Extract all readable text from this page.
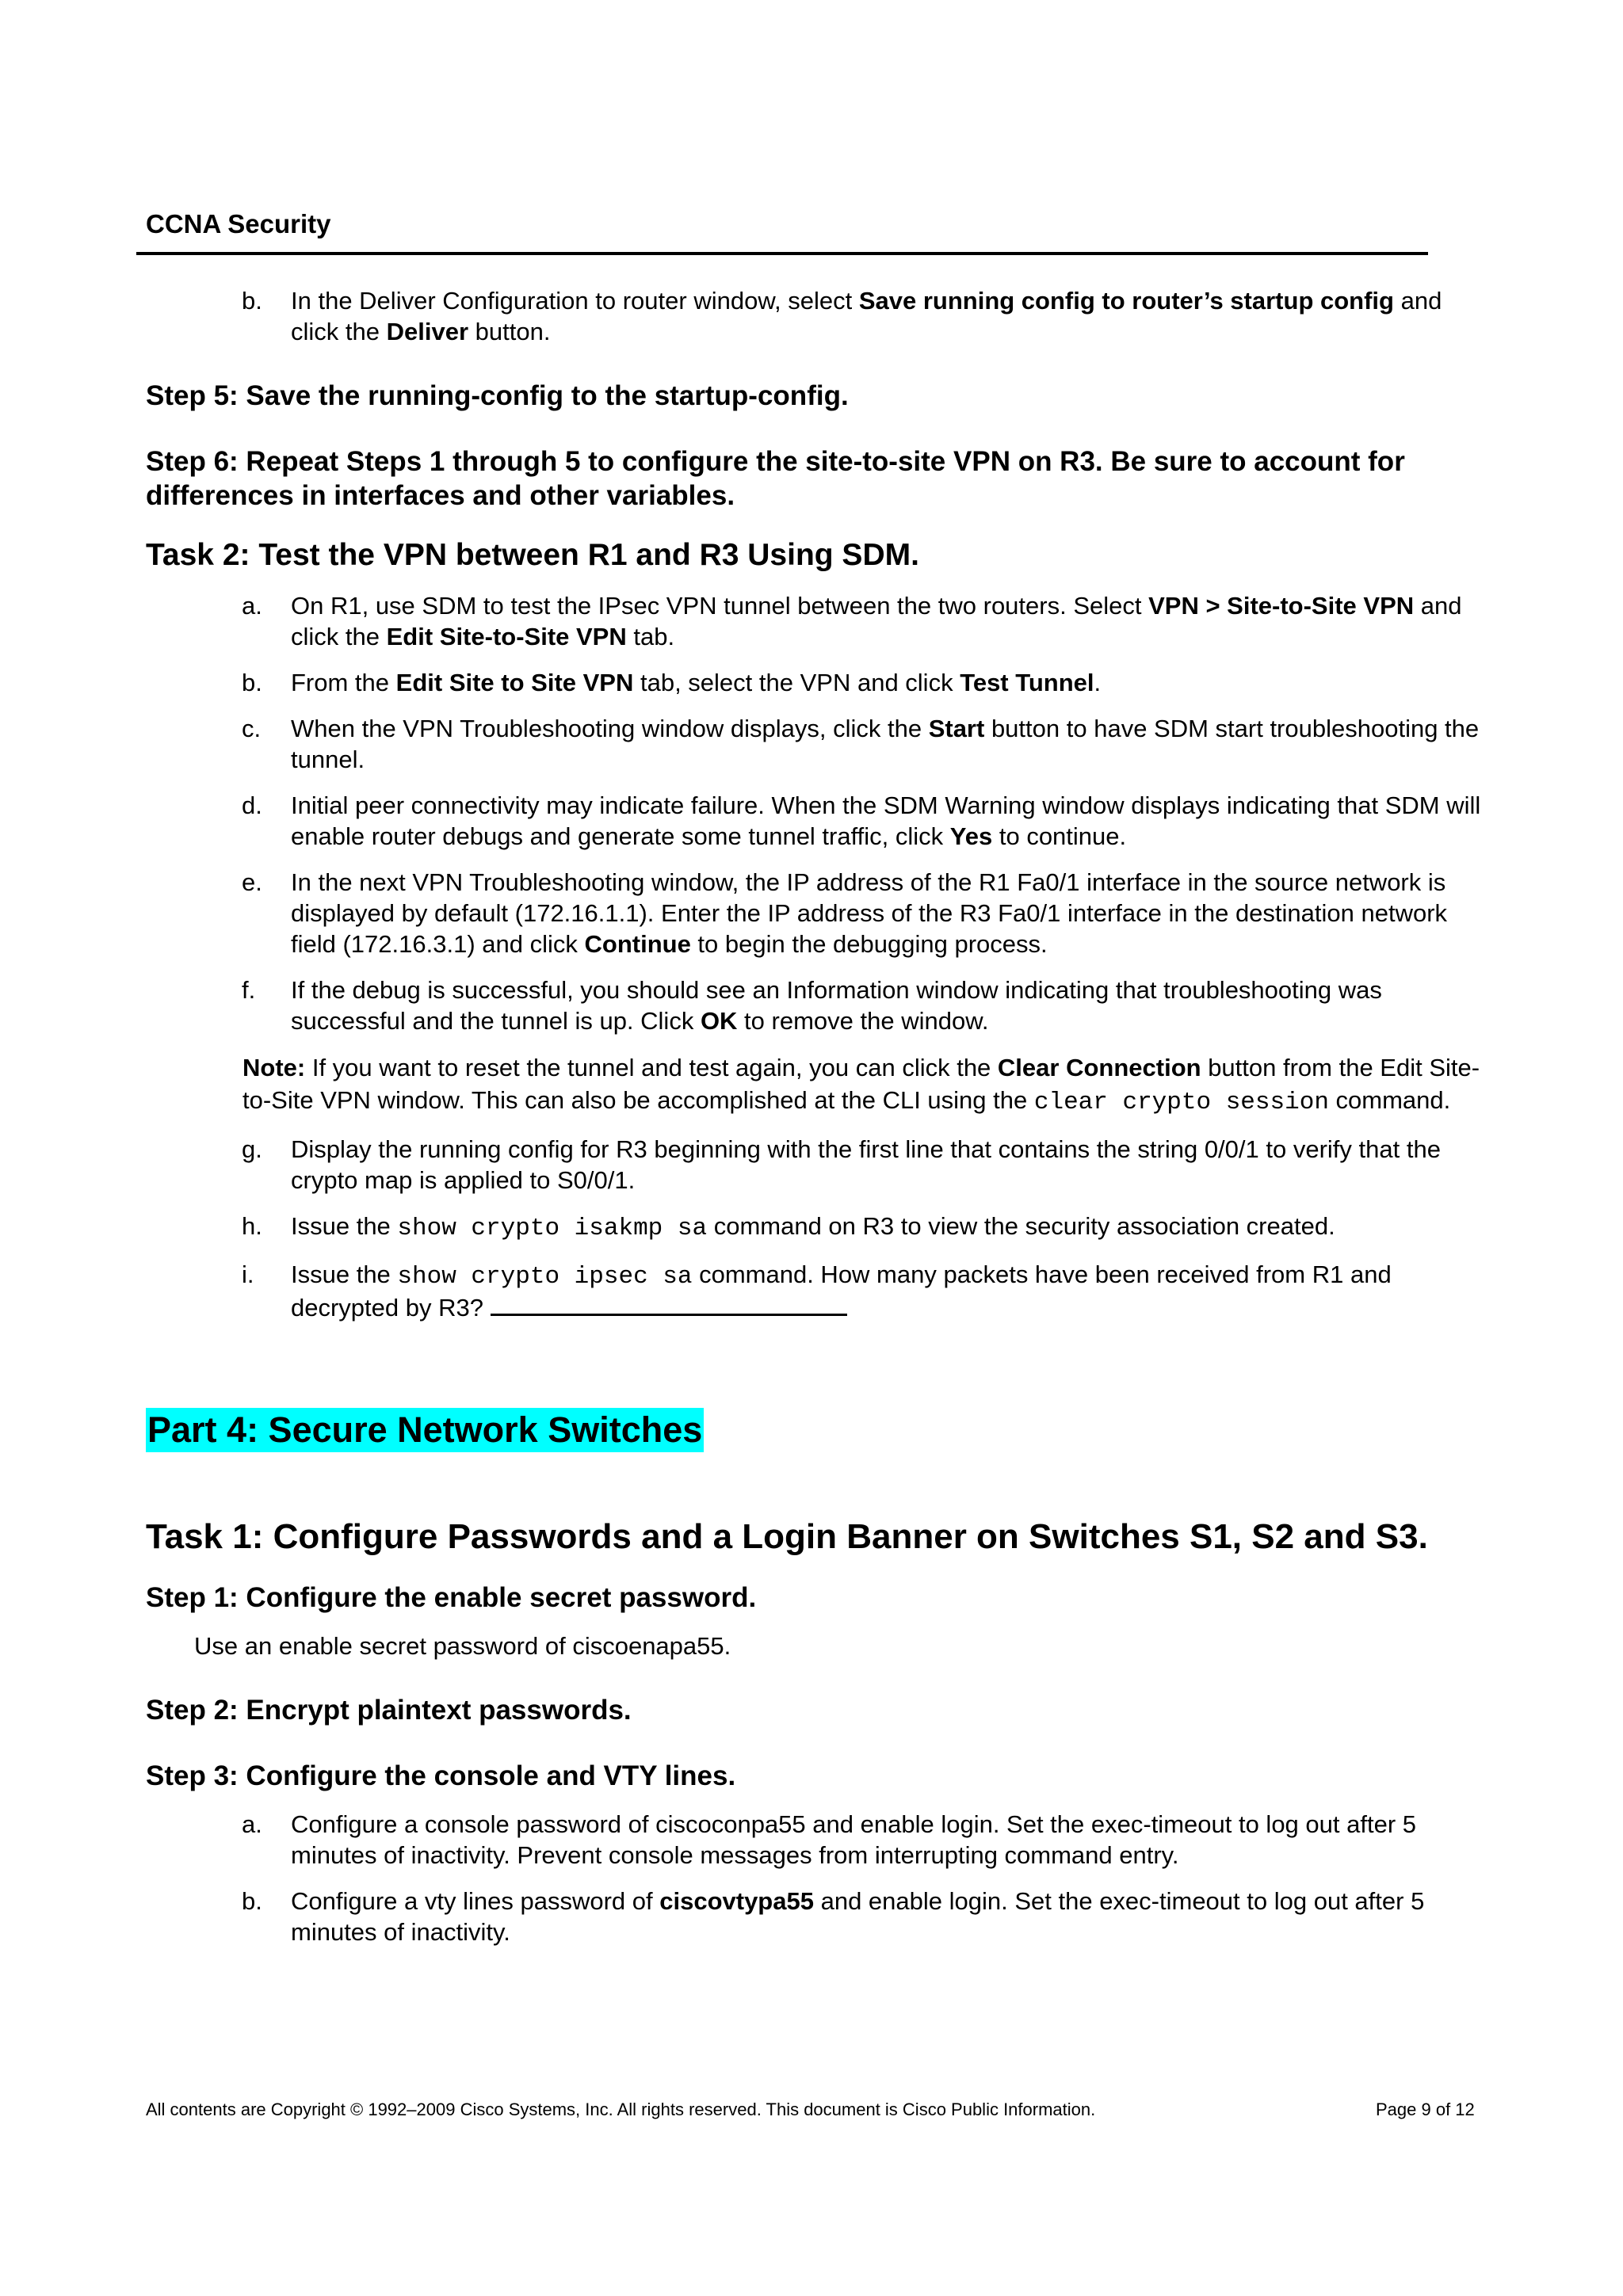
CCNA Security
b. In the Deliver Configuration to router window, select Save running config to router’s startup config and click the Deliver button.
Step 5: Save the running-config to the startup-config.
Step 6: Repeat Steps 1 through 5 to configure the site-to-site VPN on R3. Be sure to account for differences in interfaces and other variables.
Task 2: Test the VPN between R1 and R3 Using SDM.
a. On R1, use SDM to test the IPsec VPN tunnel between the two routers. Select VPN > Site-to-Site VPN and click the Edit Site-to-Site VPN tab.
b. From the Edit Site to Site VPN tab, select the VPN and click Test Tunnel.
c. When the VPN Troubleshooting window displays, click the Start button to have SDM start troubleshooting the tunnel.
d. Initial peer connectivity may indicate failure. When the SDM Warning window displays indicating that SDM will enable router debugs and generate some tunnel traffic, click Yes to continue.
e. In the next VPN Troubleshooting window, the IP address of the R1 Fa0/1 interface in the source network is displayed by default (172.16.1.1). Enter the IP address of the R3 Fa0/1 interface in the destination network field (172.16.3.1) and click Continue to begin the debugging process.
f. If the debug is successful, you should see an Information window indicating that troubleshooting was successful and the tunnel is up. Click OK to remove the window.
Note: If you want to reset the tunnel and test again, you can click the Clear Connection button from the Edit Site-to-Site VPN window. This can also be accomplished at the CLI using the clear crypto session command.
g. Display the running config for R3 beginning with the first line that contains the string 0/0/1 to verify that the crypto map is applied to S0/0/1.
h. Issue the show crypto isakmp sa command on R3 to view the security association created.
i. Issue the show crypto ipsec sa command. How many packets have been received from R1 and decrypted by R3?
Part 4: Secure Network Switches
Task 1: Configure Passwords and a Login Banner on Switches S1, S2 and S3.
Step 1: Configure the enable secret password.
Use an enable secret password of ciscoenapa55.
Step 2: Encrypt plaintext passwords.
Step 3: Configure the console and VTY lines.
a. Configure a console password of ciscoconpa55 and enable login. Set the exec-timeout to log out after 5 minutes of inactivity. Prevent console messages from interrupting command entry.
b. Configure a vty lines password of ciscovtypa55 and enable login. Set the exec-timeout to log out after 5 minutes of inactivity.
All contents are Copyright © 1992–2009 Cisco Systems, Inc. All rights reserved. This document is Cisco Public Information.	Page 9 of 12
